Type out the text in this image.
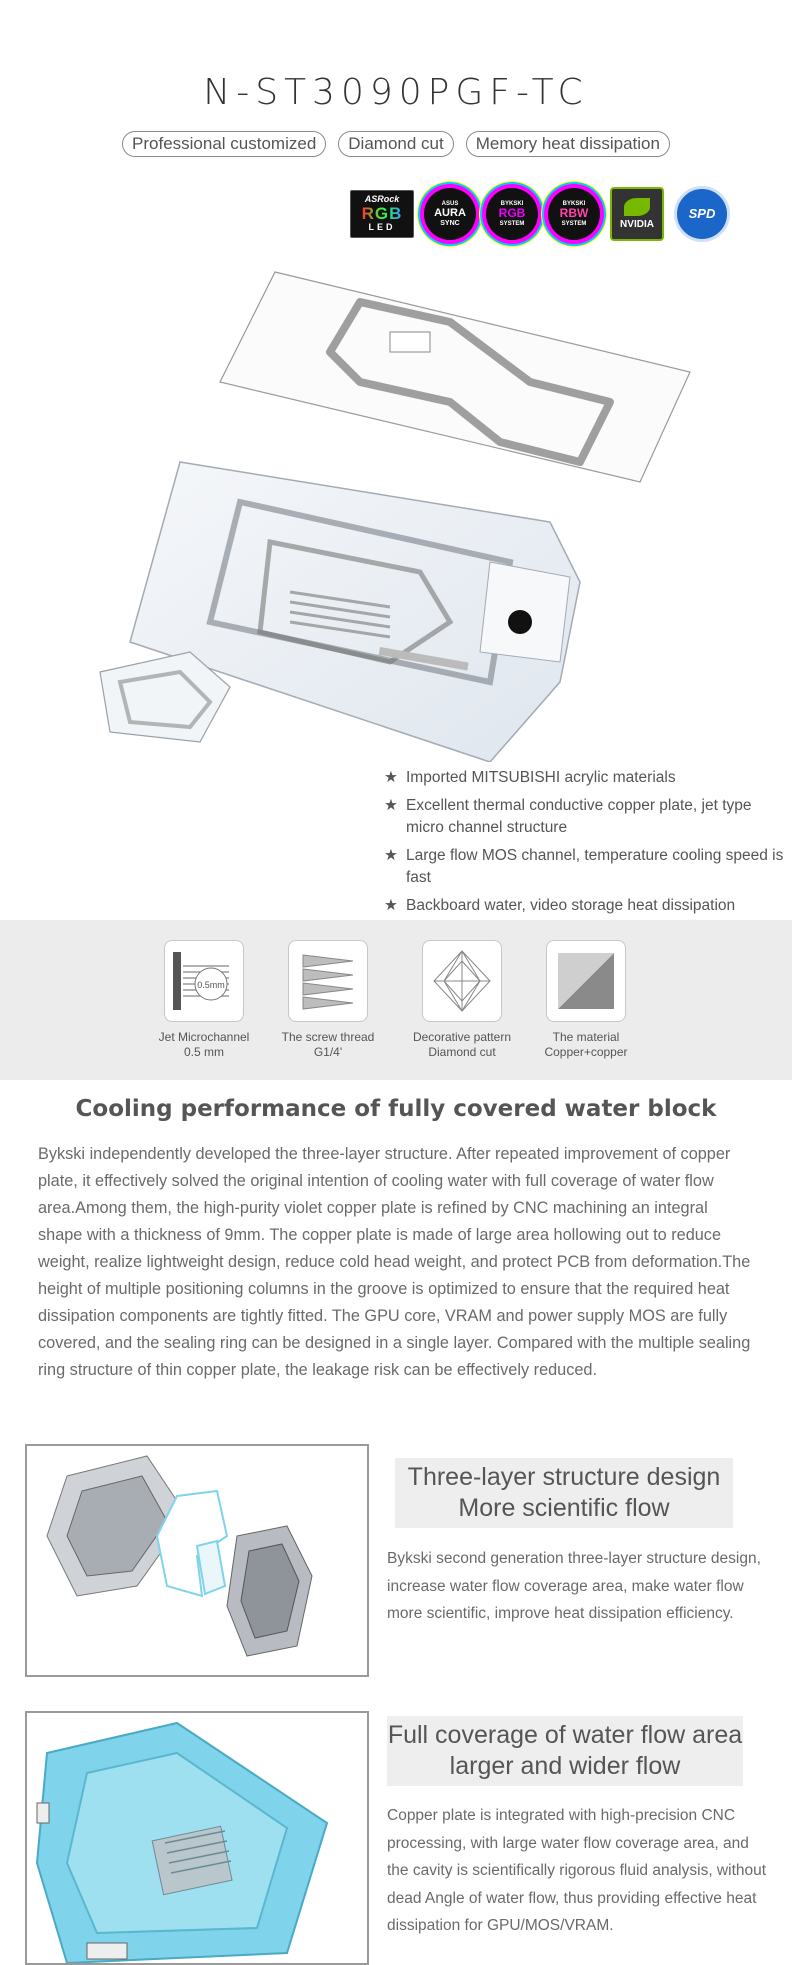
N-ST3090PGF-TC
Professional customized	Diamond cut	Memory heat dissipation
ASRock
RGB
LED
ASUS
AURA
SYNC
BYKSKI
RGB
SYSTEM
BYKSKI
RBW
SYSTEM	NVIDIA
SPD
★ Imported MITSUBISHI acrylic materials
★ Excellent thermal conductive copper plate, jet type micro channel structure
★ Large flow MOS channel, temperature cooling speed is fast
★ Backboard water, video storage heat dissipation
0.5mm
Jet Microchannel
0.5 mm
The screw thread
G1/4'
Decorative pattern
Diamond cut
The material
Copper+copper
Cooling performance of fully covered water block

Bykski independently developed the three-layer structure. After repeated improvement of copper plate, it effectively solved the original intention of cooling water with full coverage of water flow area.Among them, the high-purity violet copper plate is refined by CNC machining an integral shape with a thickness of 9mm. The copper plate is made of large area hollowing out to reduce weight, realize lightweight design, reduce cold head weight, and protect PCB from deformation.The height of multiple positioning columns in the groove is optimized to ensure that the required heat dissipation components are tightly fitted. The GPU core, VRAM and power supply MOS are fully covered, and the sealing ring can be designed in a single layer. Compared with the multiple sealing ring structure of thin copper plate, the leakage risk can be effectively reduced.

Three-layer structure design
More scientific flow

Bykski second generation three-layer structure design, increase water flow coverage area, make water flow more scientific, improve heat dissipation efficiency.

Full coverage of water flow area
larger and wider flow

Copper plate is integrated with high-precision CNC processing, with large water flow coverage area, and the cavity is scientifically rigorous fluid analysis, without dead Angle of water flow, thus providing effective heat dissipation for GPU/MOS/VRAM.
